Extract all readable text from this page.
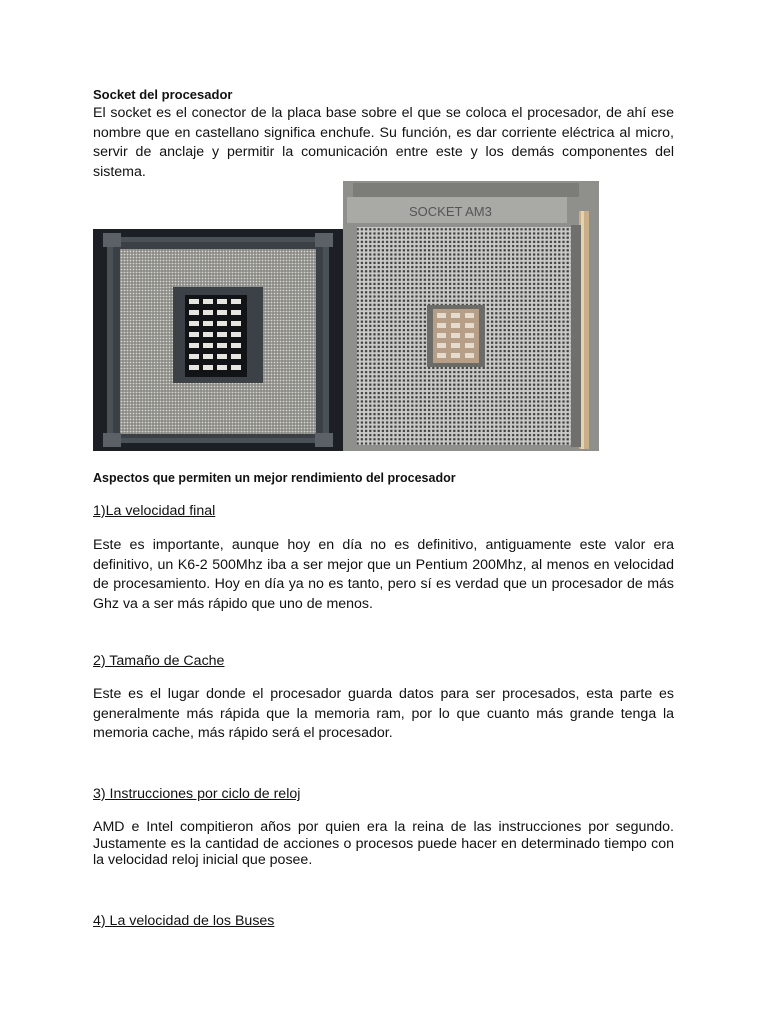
Socket del procesador
El socket es el conector de la placa base sobre el que se coloca el procesador, de ahí ese nombre que en castellano significa enchufe. Su función, es dar corriente eléctrica al micro, servir de anclaje y permitir la comunicación entre este y los demás componentes del sistema.
SOCKET AM3
Aspectos que permiten un mejor rendimiento del procesador
1)La velocidad final
Este es importante, aunque hoy en día no es definitivo, antiguamente este valor era definitivo, un K6-2 500Mhz iba a ser mejor que un Pentium 200Mhz, al menos en velocidad de procesamiento. Hoy en día ya no es tanto, pero sí es verdad que un procesador de más Ghz va a ser más rápido que uno de menos.
2) Tamaño de Cache
Este es el lugar donde el procesador guarda datos para ser procesados, esta parte es generalmente más rápida que la memoria ram, por lo que cuanto más grande tenga la memoria cache, más rápido será el procesador.
3) Instrucciones por ciclo de reloj
AMD e Intel compitieron años por quien era la reina de las instrucciones por segundo. Justamente es la cantidad de acciones o procesos puede hacer en determinado tiempo con la velocidad reloj inicial que posee.
4) La velocidad de los Buses
